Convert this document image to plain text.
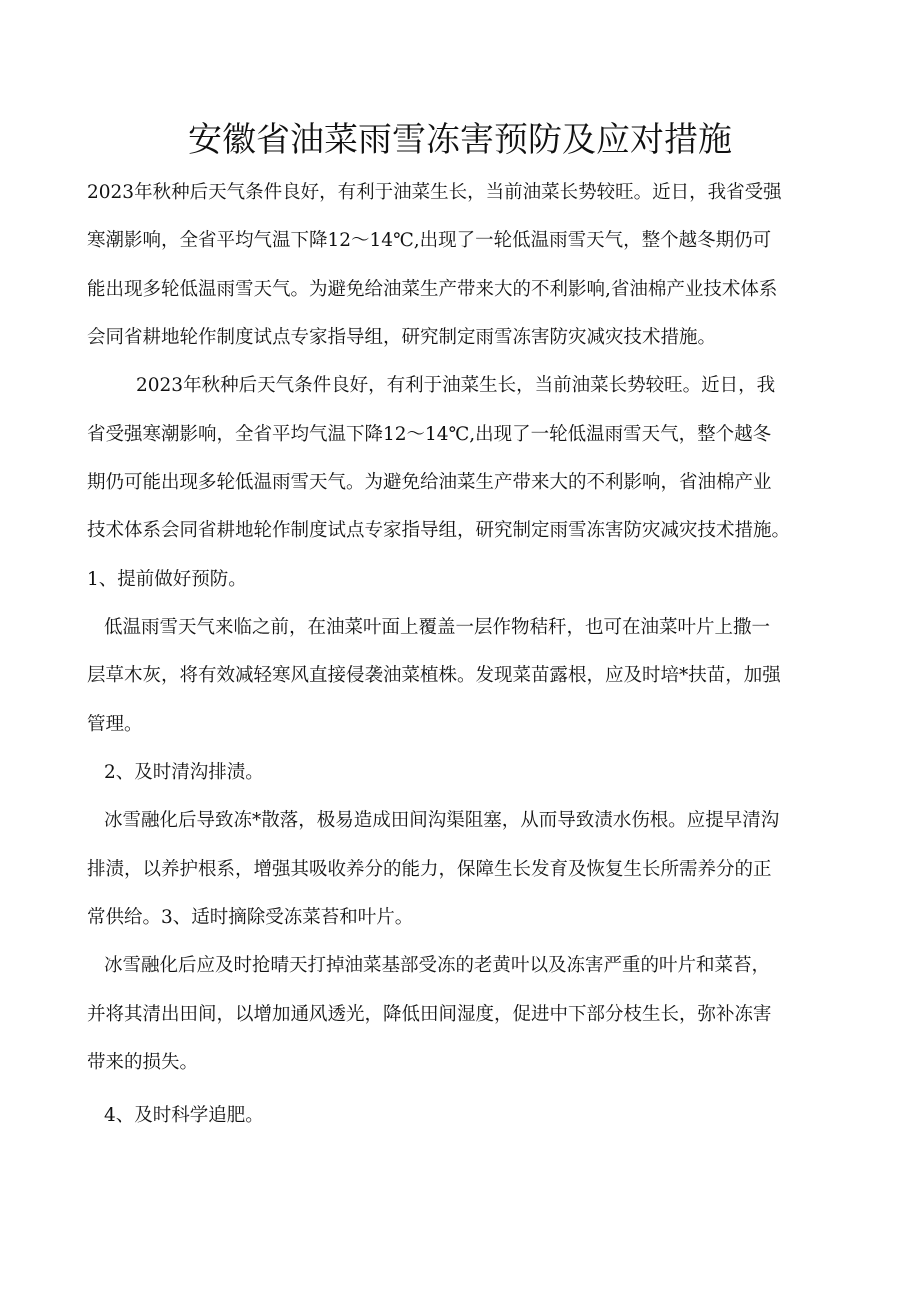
安徽省油菜雨雪冻害预防及应对措施
2023年秋种后天气条件良好，有利于油菜生长，当前油菜长势较旺。近日，我省受强
寒潮影响，全省平均气温下降12～14℃,出现了一轮低温雨雪天气，整个越冬期仍可
能出现多轮低温雨雪天气。为避免给油菜生产带来大的不利影响,省油棉产业技术体系
会同省耕地轮作制度试点专家指导组，研究制定雨雪冻害防灾减灾技术措施。
2023年秋种后天气条件良好，有利于油菜生长，当前油菜长势较旺。近日，我
省受强寒潮影响，全省平均气温下降12～14℃,出现了一轮低温雨雪天气，整个越冬
期仍可能出现多轮低温雨雪天气。为避免给油菜生产带来大的不利影响，省油棉产业
技术体系会同省耕地轮作制度试点专家指导组，研究制定雨雪冻害防灾减灾技术措施。
1、提前做好预防。
低温雨雪天气来临之前，在油菜叶面上覆盖一层作物秸秆，也可在油菜叶片上撒一
层草木灰，将有效减轻寒风直接侵袭油菜植株。发现菜苗露根，应及时培*扶苗，加强
管理。
2、及时清沟排渍。
冰雪融化后导致冻*散落，极易造成田间沟渠阻塞，从而导致渍水伤根。应提早清沟
排渍，以养护根系，增强其吸收养分的能力，保障生长发育及恢复生长所需养分的正
常供给。3、适时摘除受冻菜苔和叶片。
冰雪融化后应及时抢晴天打掉油菜基部受冻的老黄叶以及冻害严重的叶片和菜苔，
并将其清出田间，以增加通风透光，降低田间湿度，促进中下部分枝生长，弥补冻害
带来的损失。
4、及时科学追肥。
